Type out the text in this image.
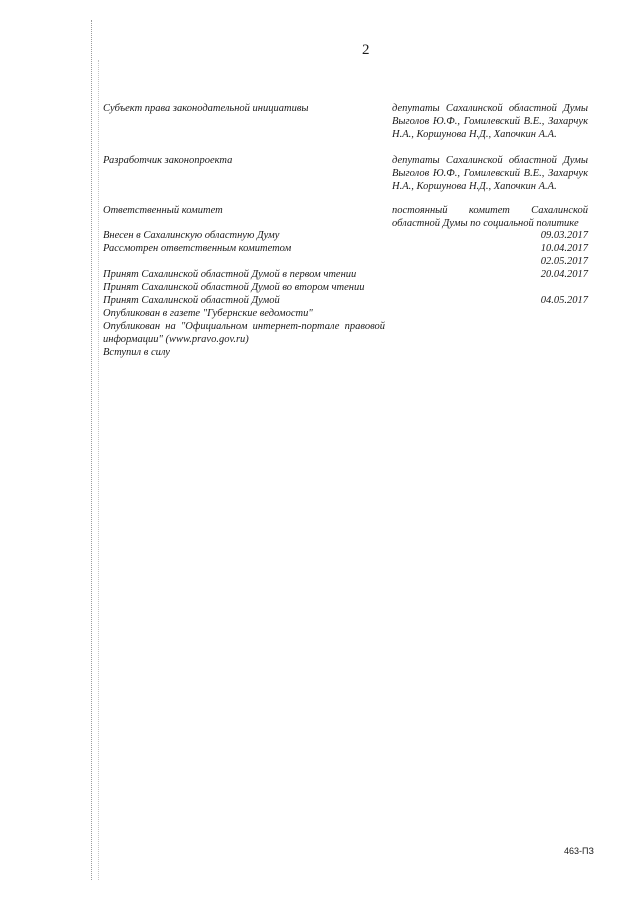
2
Субъект права законодательной инициативы	депутаты Сахалинской областной Думы Выголов Ю.Ф., Гомилевский В.Е., Захарчук Н.А., Коршунова Н.Д., Хапочкин А.А.
Разработчик законопроекта	депутаты Сахалинской областной Думы Выголов Ю.Ф., Гомилевский В.Е., Захарчук Н.А., Коршунова Н.Д., Хапочкин А.А.
Ответственный комитет	постоянный комитет Сахалинской областной Думы по социальной политике
Внесен в Сахалинскую областную Думу	09.03.2017
Рассмотрен ответственным комитетом	10.04.2017
02.05.2017
Принят Сахалинской областной Думой в первом чтении	20.04.2017
Принят Сахалинской областной Думой во втором чтении
Принят Сахалинской областной Думой	04.05.2017
Опубликован в газете "Губернские ведомости"
Опубликован на "Официальном интернет-портале правовой информации" (www.pravo.gov.ru)
Вступил в силу
463-ПЗ
